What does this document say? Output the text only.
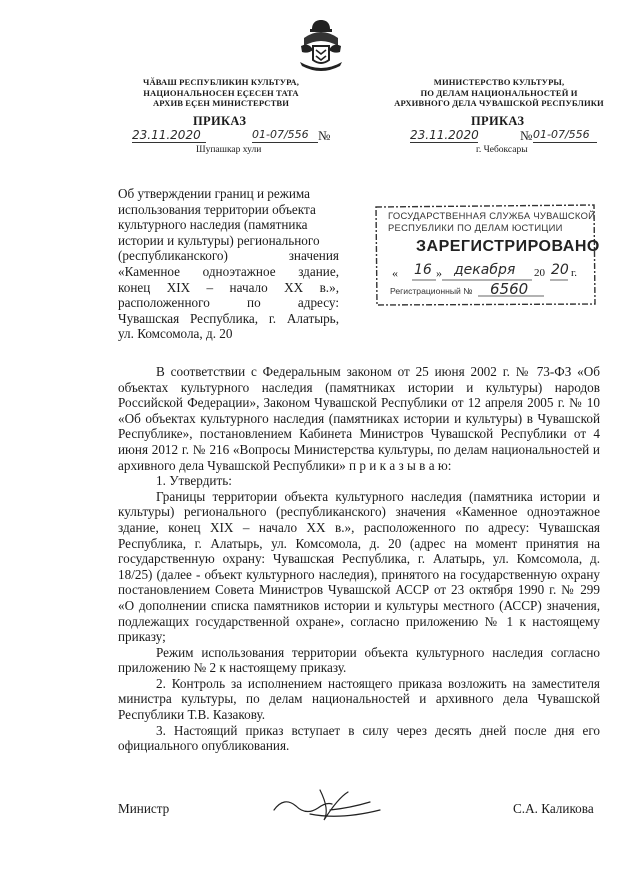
ЧӐВАШ РЕСПУБЛИКИН КУЛЬТУРА,
НАЦИОНАЛЬНОСЕН ЕҪЕСЕН ТАТА
АРХИВ ЕҪЕН МИНИСТЕРСТВИ
МИНИСТЕРСТВО КУЛЬТУРЫ,
ПО ДЕЛАМ НАЦИОНАЛЬНОСТЕЙ И
АРХИВНОГО ДЕЛА ЧУВАШСКОЙ РЕСПУБЛИКИ
ПРИКАЗ
23.11.2020	01-07/556 №
Шупашкар хули
ПРИКАЗ
23.11.2020	№ 01-07/556
г. Чебоксары
Об утверждении границ и режима
использования территории объекта
культурного наследия (памятника
истории и культуры) регионального
(республиканского) значения
«Каменное одноэтажное здание,
конец XIX – начало XX в.»,
расположенного по адресу:
Чувашская Республика, г. Алатырь,
ул. Комсомола, д. 20
ГОСУДАРСТВЕННАЯ СЛУЖБА ЧУВАШСКОЙ
РЕСПУБЛИКИ ПО ДЕЛАМ ЮСТИЦИИ
ЗАРЕГИСТРИРОВАНО
« 16 » декабря 20 20 г.
Регистрационный № 6560

В соответствии с Федеральным законом от 25 июня 2002 г. № 73-ФЗ «Об объектах культурного наследия (памятниках истории и культуры) народов Российской Федерации», Законом Чувашской Республики от 12 апреля 2005 г. № 10 «Об объектах культурного наследия (памятниках истории и культуры) в Чувашской Республике», постановлением Кабинета Министров Чувашской Республики от 4 июня 2012 г. № 216 «Вопросы Министерства культуры, по делам национальностей и архивного дела Чувашской Республики» п р и к а з ы в а ю:

1. Утвердить:

Границы территории объекта культурного наследия (памятника истории и культуры) регионального (республиканского) значения «Каменное одноэтажное здание, конец XIX – начало XX в.», расположенного по адресу: Чувашская Республика, г. Алатырь, ул. Комсомола, д. 20 (адрес на момент принятия на государственную охрану: Чувашская Республика, г. Алатырь, ул. Комсомола, д. 18/25) (далее - объект культурного наследия), принятого на государственную охрану постановлением Совета Министров Чувашской АССР от 23 октября 1990 г. № 299 «О дополнении списка памятников истории и культуры местного (АССР) значения, подлежащих государственной охране», согласно приложению № 1 к настоящему приказу;

Режим использования территории объекта культурного наследия согласно приложению № 2 к настоящему приказу.

2. Контроль за исполнением настоящего приказа возложить на заместителя министра культуры, по делам национальностей и архивного дела Чувашской Республики Т.В. Казакову.

3. Настоящий приказ вступает в силу через десять дней после дня его официального опубликования.

Министр	С.А. Каликова
